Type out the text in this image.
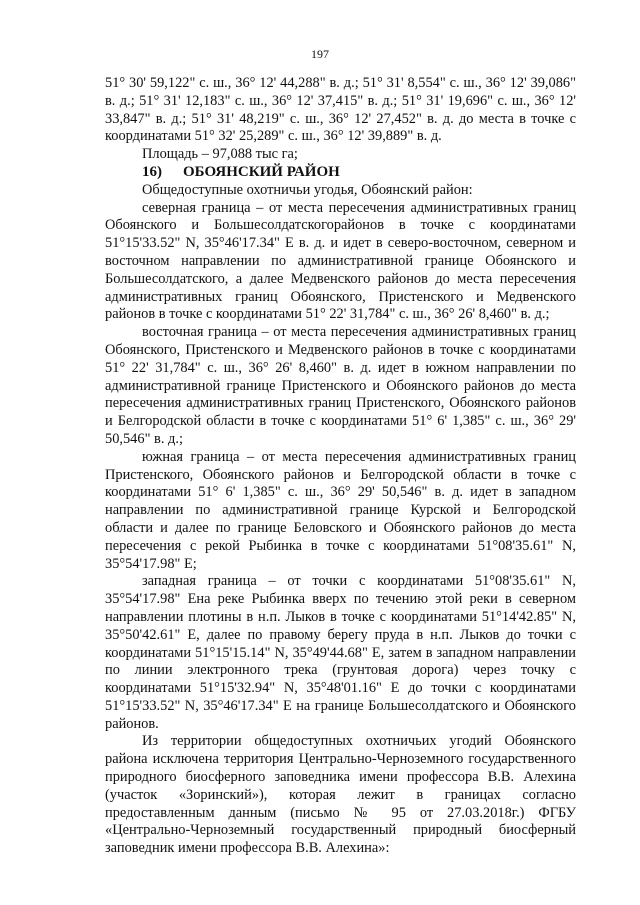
197

51° 30' 59,122" с. ш., 36° 12' 44,288" в. д.; 51° 31' 8,554" с. ш., 36° 12' 39,086" в. д.; 51° 31' 12,183" с. ш., 36° 12' 37,415" в. д.; 51° 31' 19,696" с. ш., 36° 12' 33,847" в. д.; 51° 31' 48,219" с. ш., 36° 12' 27,452" в. д. до места в точке с координатами 51° 32' 25,289" с. ш., 36° 12' 39,889" в. д.

Площадь – 97,088 тыс га;

16) ОБОЯНСКИЙ РАЙОН

Общедоступные охотничьи угодья, Обоянский район:

северная граница – от места пересечения административных границ Обоянского и Большесолдатскогорайонов в точке с координатами 51°15'33.52" N, 35°46'17.34" E в. д. и идет в северо-восточном, северном и восточном направлении по административной границе Обоянского и Большесолдатского, а далее Медвенского районов до места пересечения административных границ Обоянского, Пристенского и Медвенского районов в точке с координатами 51° 22' 31,784" с. ш., 36° 26' 8,460" в. д.;

восточная граница – от места пересечения административных границ Обоянского, Пристенского и Медвенского районов в точке с координатами 51° 22' 31,784" с. ш., 36° 26' 8,460" в. д. идет в южном направлении по административной границе Пристенского и Обоянского районов до места пересечения административных границ Пристенского, Обоянского районов и Белгородской области в точке с координатами 51° 6' 1,385" с. ш., 36° 29' 50,546" в. д.;

южная граница – от места пересечения административных границ Пристенского, Обоянского районов и Белгородской области в точке с координатами 51° 6' 1,385" с. ш., 36° 29' 50,546" в. д. идет в западном направлении по административной границе Курской и Белгородской области и далее по границе Беловского и Обоянского районов до места пересечения с рекой Рыбинка в точке с координатами 51°08'35.61" N, 35°54'17.98" E;

западная граница – от точки с координатами 51°08'35.61" N, 35°54'17.98" Ена реке Рыбинка вверх по течению этой реки в северном направлении плотины в н.п. Лыков в точке с координатами 51°14'42.85" N, 35°50'42.61" E, далее по правому берегу пруда в н.п. Лыков до точки с координатами 51°15'15.14" N, 35°49'44.68" E, затем в западном направлении по линии электронного трека (грунтовая дорога) через точку с координатами 51°15'32.94" N, 35°48'01.16" E до точки с координатами 51°15'33.52" N, 35°46'17.34" E на границе Большесолдатского и Обоянского районов.

Из территории общедоступных охотничьих угодий Обоянского района исключена территория Центрально-Черноземного государственного природного биосферного заповедника имени профессора В.В. Алехина (участок «Зоринский»), которая лежит в границах согласно предоставленным данным (письмо № 95 от 27.03.2018г.) ФГБУ «Центрально-Черноземный государственный природный биосферный заповедник имени профессора В.В. Алехина»:
